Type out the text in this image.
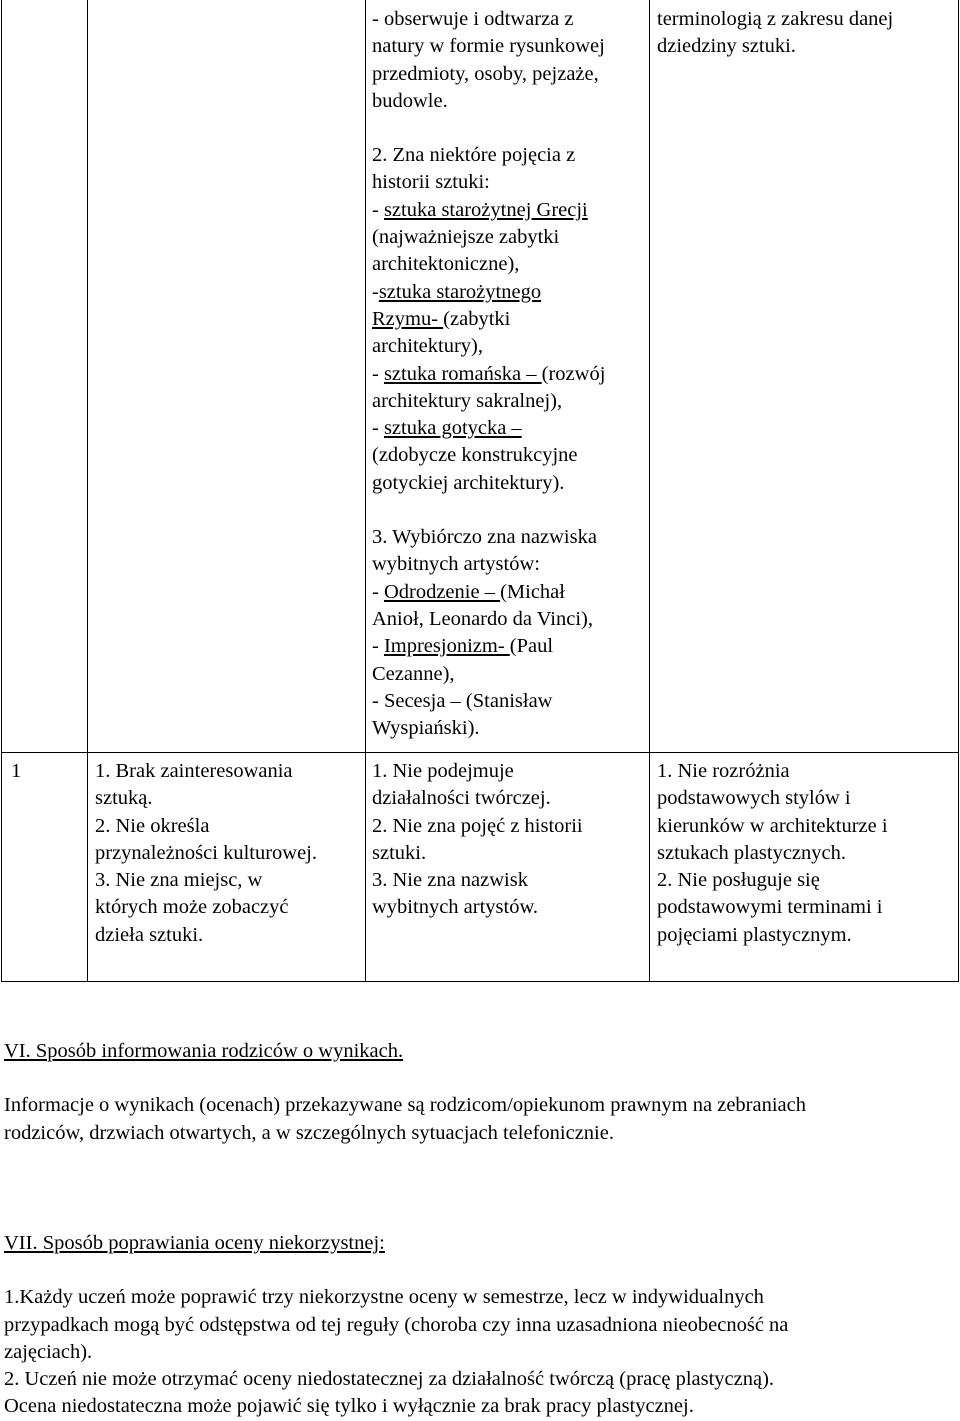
- obserwuje i odtwarza z

natury w formie rysunkowej

przedmioty, osoby, pejzaże,

budowle.

2. Zna niektóre pojęcia z

historii sztuki:

- sztuka starożytnej Grecji

(najważniejsze zabytki

architektoniczne),

-sztuka starożytnego

Rzymu- (zabytki

architektury),

- sztuka romańska – (rozwój

architektury sakralnej),

- sztuka gotycka –

(zdobycze konstrukcyjne

gotyckiej architektury).

3. Wybiórczo zna nazwiska

wybitnych artystów:

- Odrodzenie – (Michał

Anioł, Leonardo da Vinci),

- Impresjonizm- (Paul

Cezanne),

- Secesja – (Stanisław

Wyspiański).

terminologią z zakresu danej

dziedziny sztuki.

1	1. Brak zainteresowania

sztuką.

2. Nie określa

przynależności kulturowej.

3. Nie zna miejsc, w

których może zobaczyć

dzieła sztuki.

1. Nie podejmuje

działalności twórczej.

2. Nie zna pojęć z historii

sztuki.

3. Nie zna nazwisk

wybitnych artystów.

1. Nie rozróżnia

podstawowych stylów i

kierunków w architekturze i

sztukach plastycznych.

2. Nie posługuje się

podstawowymi terminami i

pojęciami plastycznym.

VI. Sposób informowania rodziców o wynikach.

Informacje o wynikach (ocenach) przekazywane są rodzicom/opiekunom prawnym na zebraniach

rodziców, drzwiach otwartych, a w szczególnych sytuacjach telefonicznie.

VII. Sposób poprawiania oceny niekorzystnej:

1.Każdy uczeń może poprawić trzy niekorzystne oceny w semestrze, lecz w indywidualnych

przypadkach mogą być odstępstwa od tej reguły (choroba czy inna uzasadniona nieobecność na

zajęciach).

2. Uczeń nie może otrzymać oceny niedostatecznej za działalność twórczą (pracę plastyczną).

Ocena niedostateczna może pojawić się tylko i wyłącznie za brak pracy plastycznej.
